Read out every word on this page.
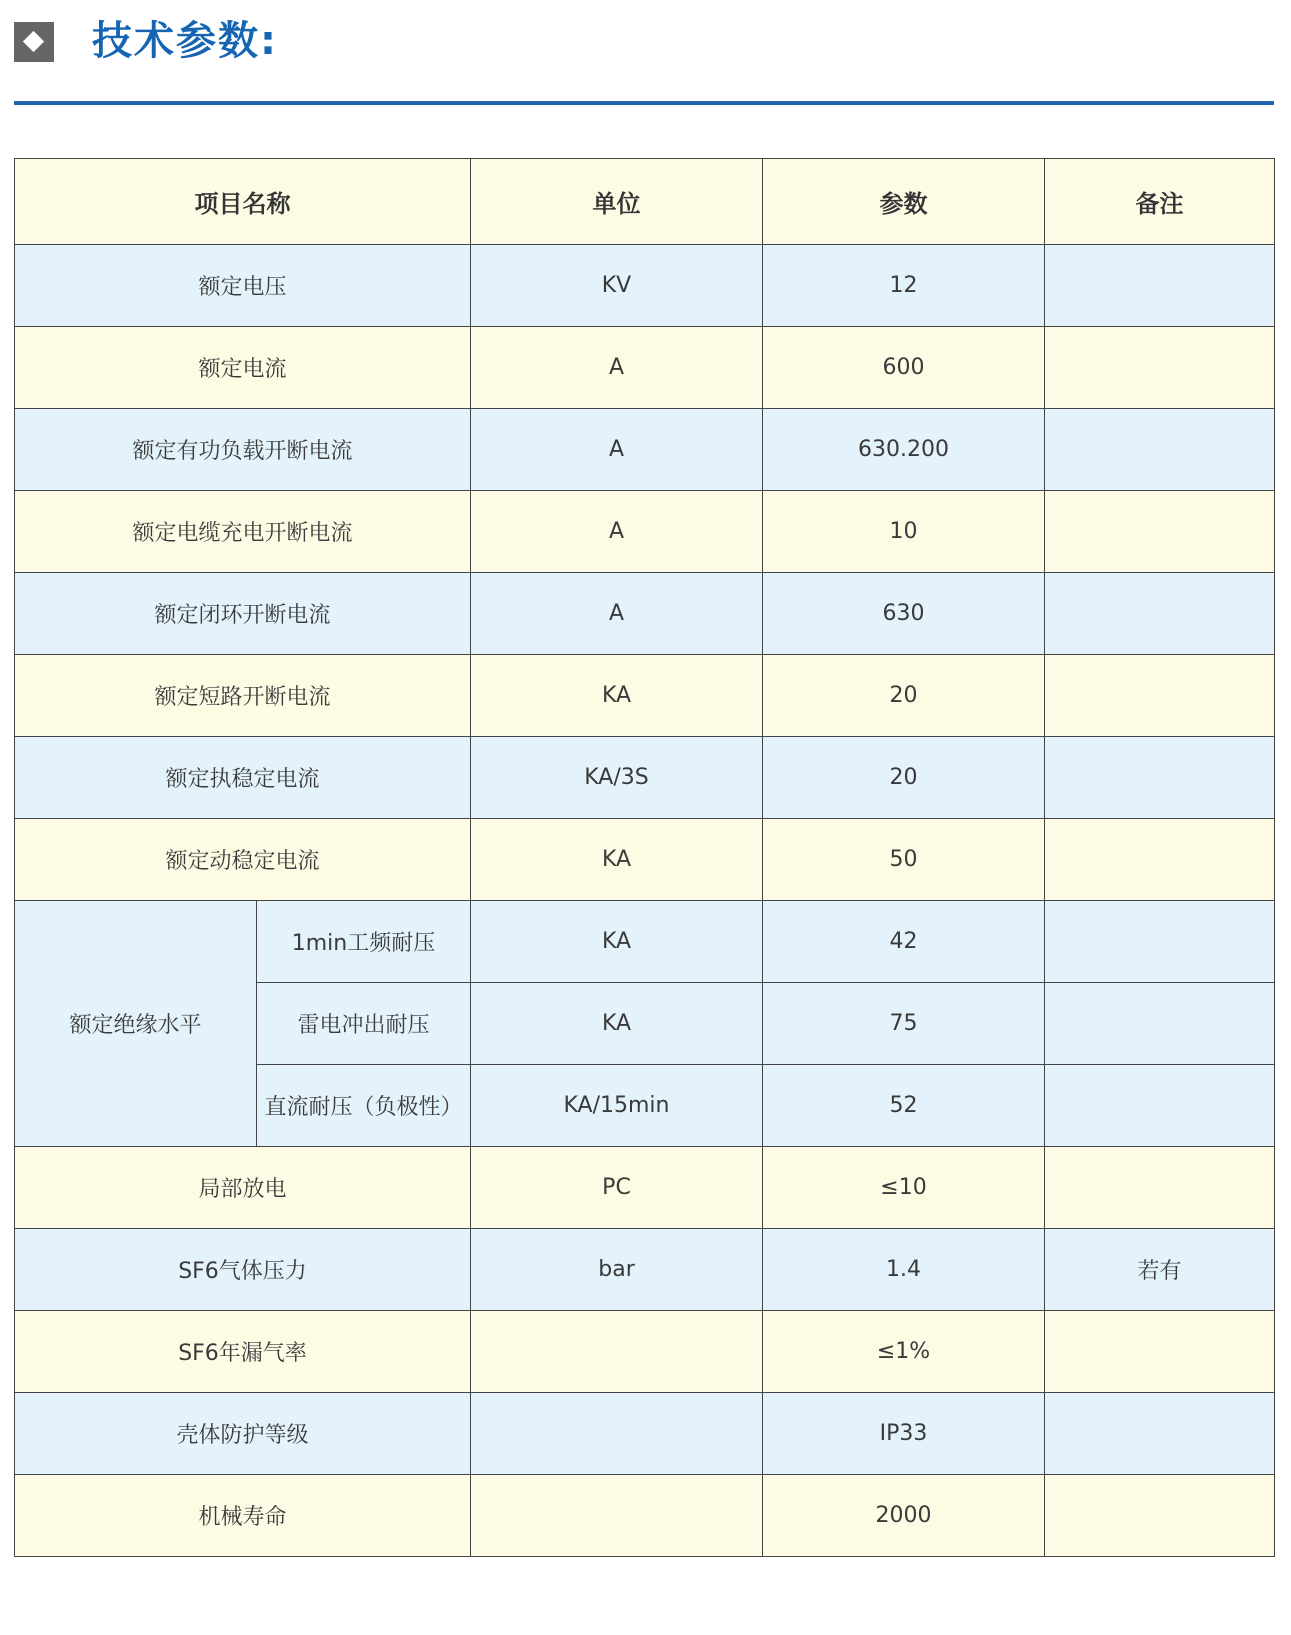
技术参数:
项目名称		单位	参数	备注
额定电压		KV	12	
额定电流		A	600	
额定有功负载开断电流		A	630.200	
额定电缆充电开断电流		A	10	
额定闭环开断电流		A	630	
额定短路开断电流		KA	20	
额定执稳定电流		KA/3S	20	
额定动稳定电流		KA	50	
额定绝缘水平	1min工频耐压	KA	42	
	雷电冲出耐压	KA	75	
	直流耐压（负极性）	KA/15min	52	
局部放电		PC	≤10	
SF6气体压力		bar	1.4	若有
SF6年漏气率			≤1%	
壳体防护等级			IP33	
机械寿命			2000	
